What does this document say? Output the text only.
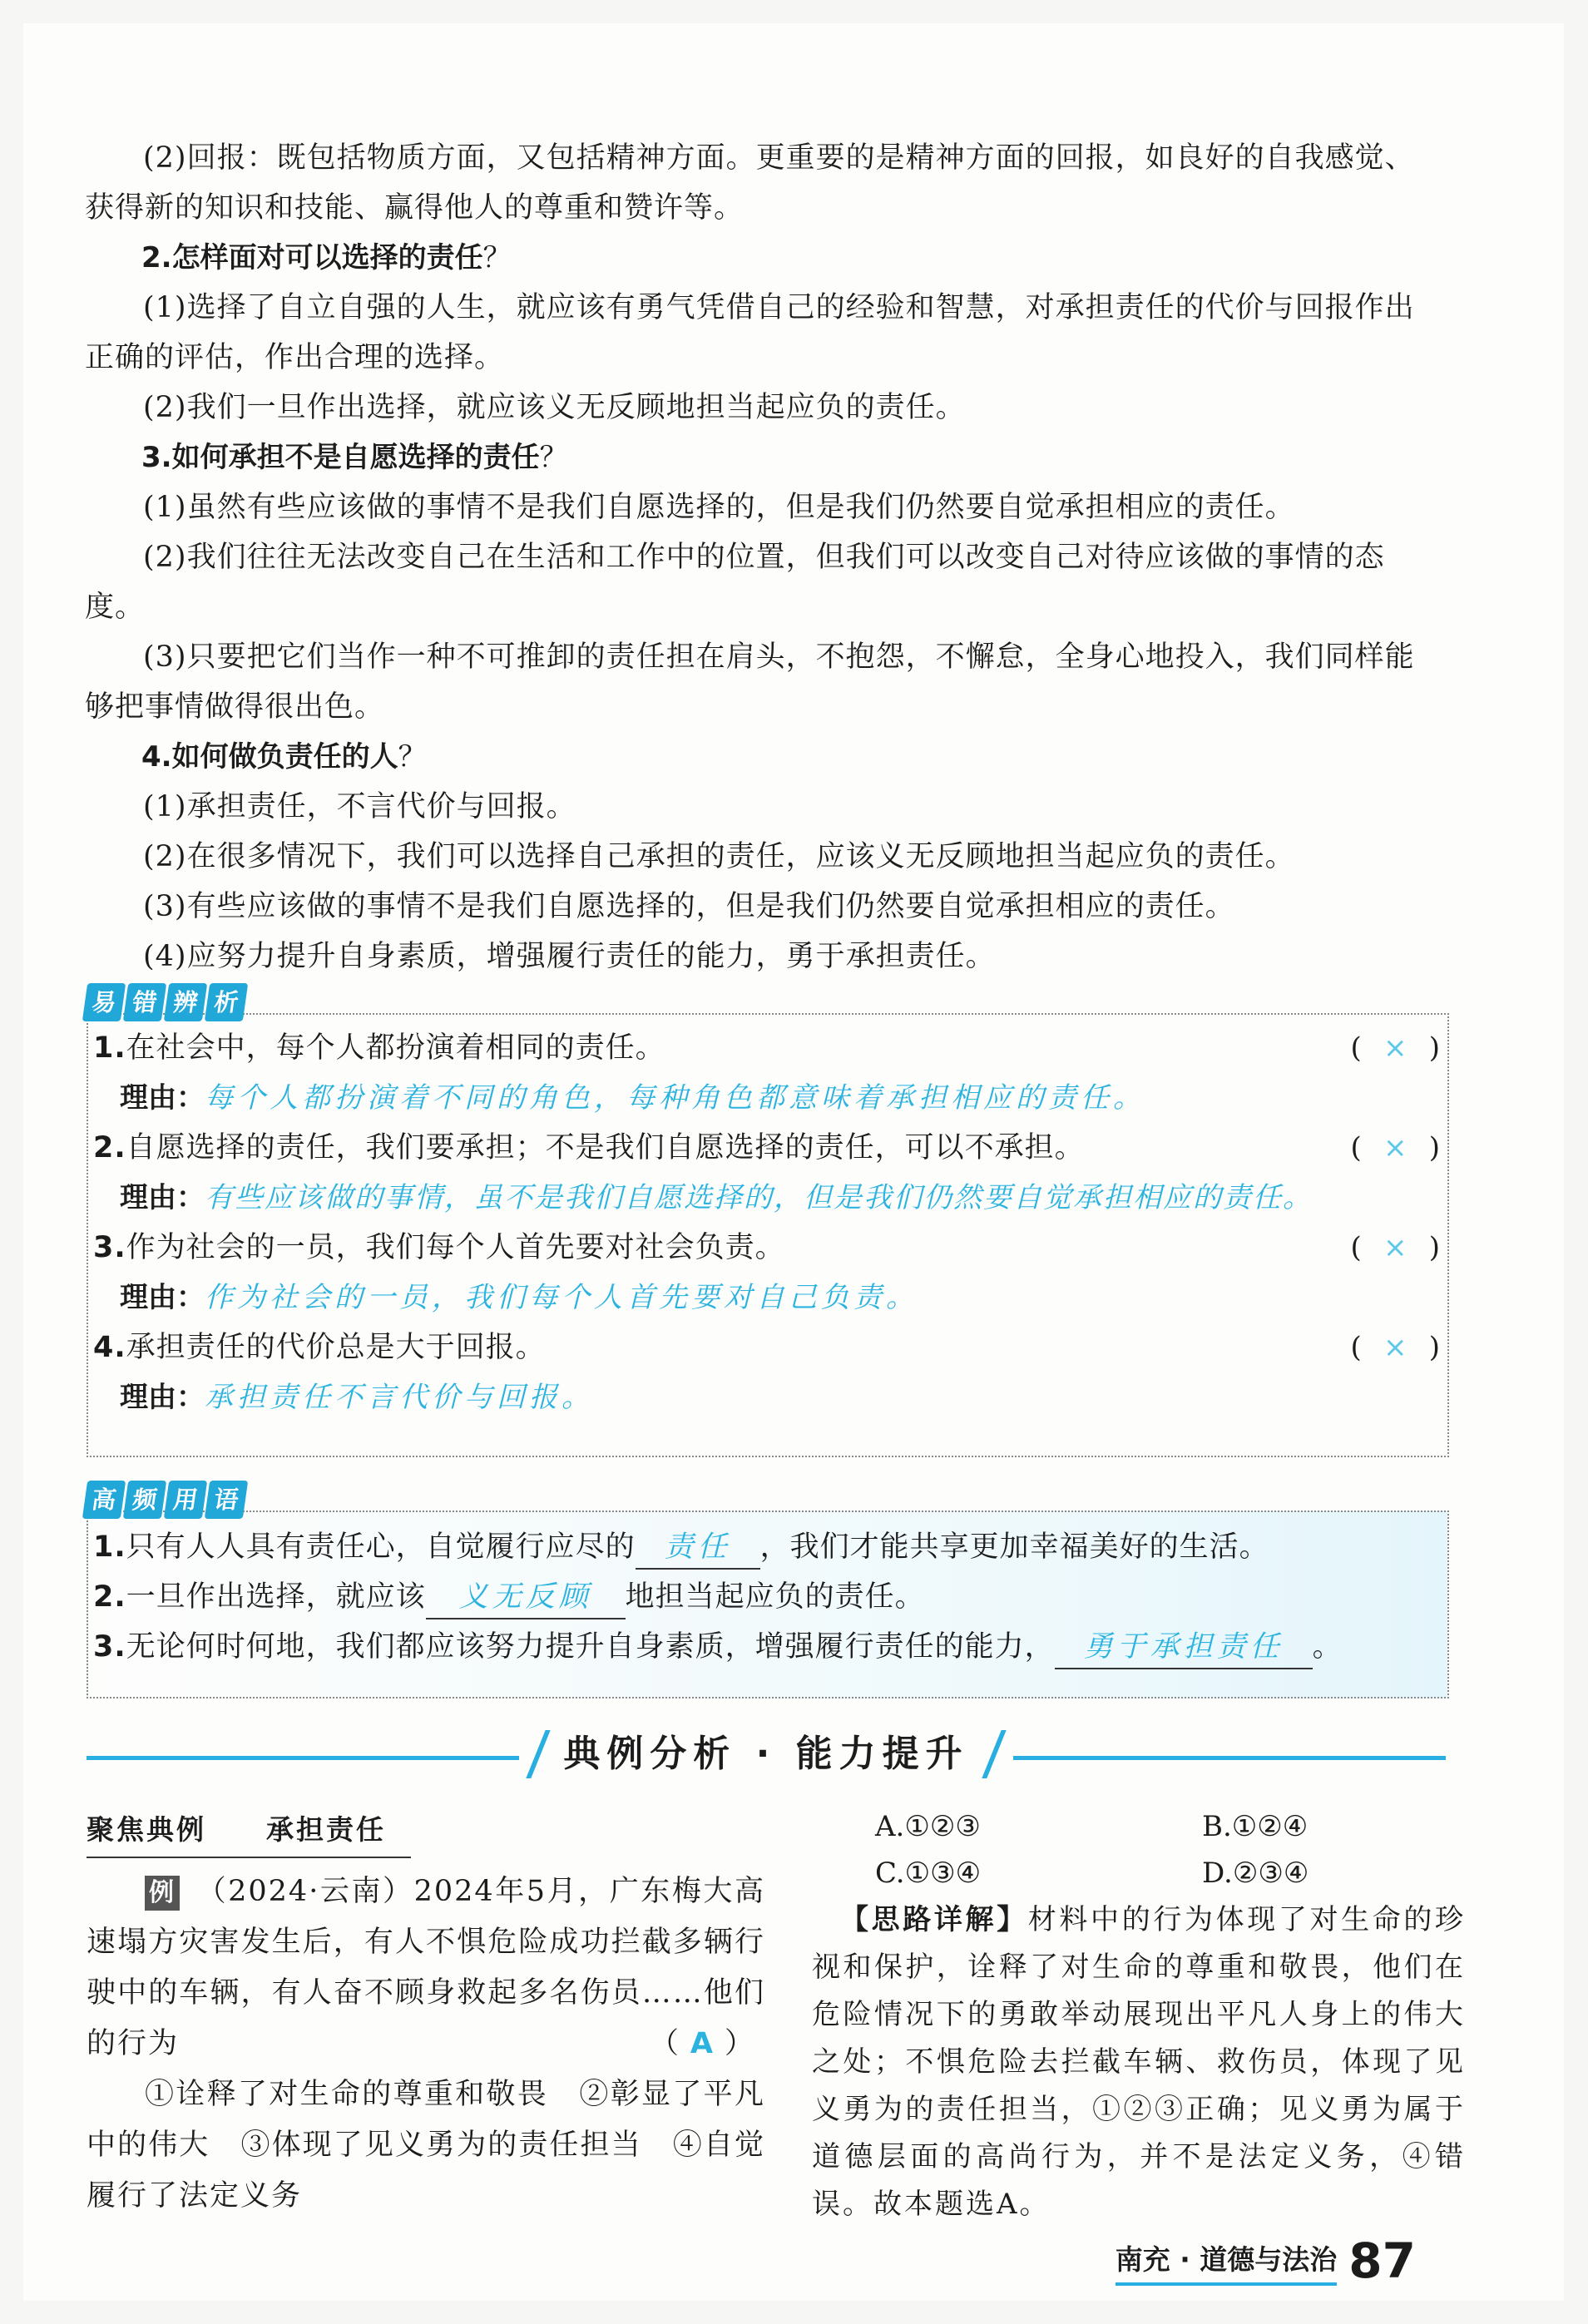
(2)回报：既包括物质方面，又包括精神方面。更重要的是精神方面的回报，如良好的自我感觉、获得新的知识和技能、赢得他人的尊重和赞许等。
2.怎样面对可以选择的责任？
(1)选择了自立自强的人生，就应该有勇气凭借自己的经验和智慧，对承担责任的代价与回报作出正确的评估，作出合理的选择。
(2)我们一旦作出选择，就应该义无反顾地担当起应负的责任。
3.如何承担不是自愿选择的责任？
(1)虽然有些应该做的事情不是我们自愿选择的，但是我们仍然要自觉承担相应的责任。
(2)我们往往无法改变自己在生活和工作中的位置，但我们可以改变自己对待应该做的事情的态度。
(3)只要把它们当作一种不可推卸的责任担在肩头，不抱怨，不懈怠，全身心地投入，我们同样能够把事情做得很出色。
4.如何做负责任的人？
(1)承担责任，不言代价与回报。
(2)在很多情况下，我们可以选择自己承担的责任，应该义无反顾地担当起应负的责任。
(3)有些应该做的事情不是我们自愿选择的，但是我们仍然要自觉承担相应的责任。
(4)应努力提升自身素质，增强履行责任的能力，勇于承担责任。
易 错 辨 析
1.在社会中，每个人都扮演着相同的责任。	( × )
理由：每个人都扮演着不同的角色，每种角色都意味着承担相应的责任。
2.自愿选择的责任，我们要承担；不是我们自愿选择的责任，可以不承担。	( × )
理由：有些应该做的事情，虽不是我们自愿选择的，但是我们仍然要自觉承担相应的责任。
3.作为社会的一员，我们每个人首先要对社会负责。	( × )
理由：作为社会的一员，我们每个人首先要对自己负责。
4.承担责任的代价总是大于回报。	( × )
理由：承担责任不言代价与回报。
高 频 用 语
1.只有人人具有责任心，自觉履行应尽的 责任 ，我们才能共享更加幸福美好的生活。
2.一旦作出选择，就应该 义无反顾 地担当起应负的责任。
3.无论何时何地，我们都应该努力提升自身素质，增强履行责任的能力， 勇于承担责任 。
典例分析 · 能力提升
聚焦典例　　承担责任
例 （2024·云南）2024年5月，广东梅大高速塌方灾害发生后，有人不惧危险成功拦截多辆行驶中的车辆，有人奋不顾身救起多名伤员……他们的行为	（A）
①诠释了对生命的尊重和敬畏　②彰显了平凡中的伟大　③体现了见义勇为的责任担当　④自觉履行了法定义务
A.①②③	B.①②④
C.①③④	D.②③④
【思路详解】材料中的行为体现了对生命的珍视和保护，诠释了对生命的尊重和敬畏，他们在危险情况下的勇敢举动展现出平凡人身上的伟大之处；不惧危险去拦截车辆、救伤员，体现了见义勇为的责任担当，①②③正确；见义勇为属于道德层面的高尚行为，并不是法定义务，④错误。故本题选A。
南充 · 道德与法治 87
